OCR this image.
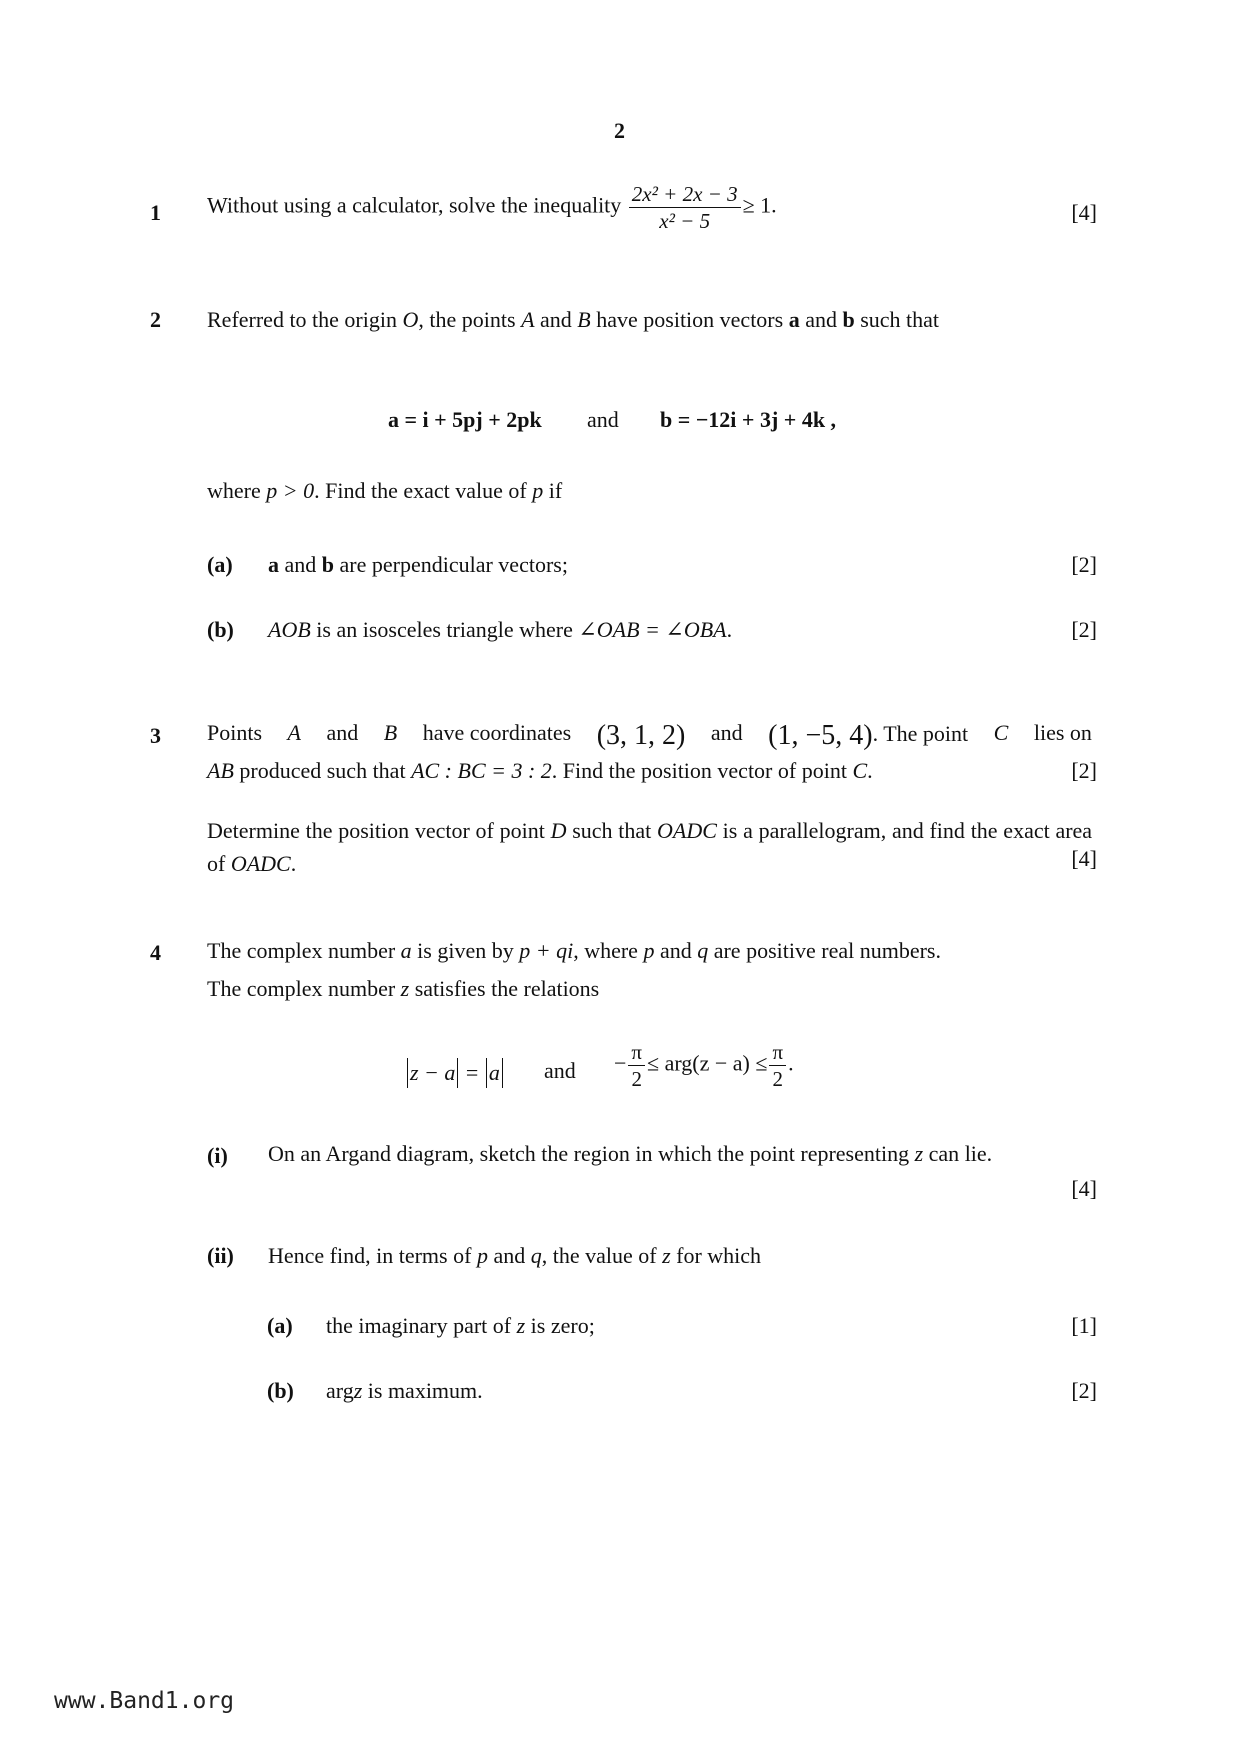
2
1 Without using a calculator, solve the inequality $\frac{\text{2x² + 2x − 3}}{\text{x² − 5}} \ge 1$.	[4]
2 Referred to the origin O, the points A and B have position vectors a and b such that
a = i + 5pj + 2pk and b = −12i + 3j + 4k ,
where p > 0. Find the exact value of p if
(a) a and b are perpendicular vectors;	[2]
(b) AOB is an isosceles triangle where ∠OAB = ∠OBA.	[2]
3 Points A and B have coordinates (3, 1, 2) and (1, −5, 4). The point C lies on
AB produced such that AC : BC = 3 : 2. Find the position vector of point C.	[2]
Determine the position vector of point D such that OADC is a parallelogram, and find the exact area of OADC.	[4]
4 The complex number a is given by p + qi, where p and q are positive real numbers.
The complex number z satisfies the relations
z − a = a and − $\frac{\pi}{2} \le arg(z - a) \le \frac{\pi}{2}$ .
(i) On an Argand diagram, sketch the region in which the point representing z can lie.
[4]
(ii) Hence find, in terms of p and q, the value of z for which
(a) the imaginary part of z is zero;	[1]
(b) argz is maximum.	[2]
www.Band1.org
